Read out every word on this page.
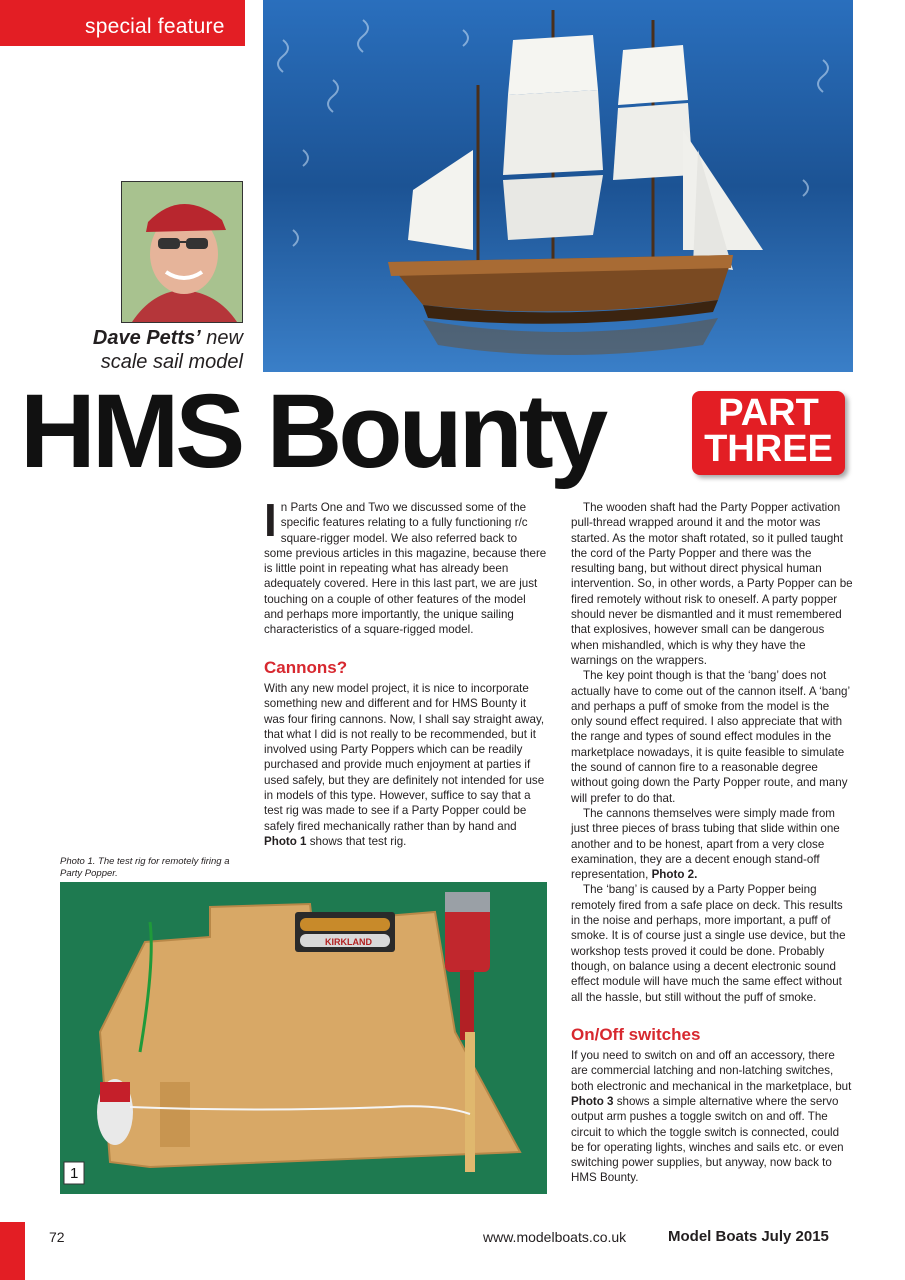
special feature
Dave Petts’ new
scale sail model
HMS Bounty	PART
THREE

In Parts One and Two we discussed some of the specific features relating to a fully functioning r/c square-rigger model. We also referred back to some previous articles in this magazine, because there is little point in repeating what has already been adequately covered. Here in this last part, we are just touching on a couple of other features of the model and perhaps more importantly, the unique sailing characteristics of a square-rigged model.

Cannons?

With any new model project, it is nice to incorporate something new and different and for HMS Bounty it was four firing cannons. Now, I shall say straight away, that what I did is not really to be recommended, but it involved using Party Poppers which can be readily purchased and provide much enjoyment at parties if used safely, but they are definitely not intended for use in models of this type. However, suffice to say that a test rig was made to see if a Party Popper could be safely fired mechanically rather than by hand and Photo 1 shows that test rig.

The wooden shaft had the Party Popper activation pull-thread wrapped around it and the motor was started. As the motor shaft rotated, so it pulled taught the cord of the Party Popper and there was the resulting bang, but without direct physical human intervention. So, in other words, a Party Popper can be fired remotely without risk to oneself. A party popper should never be dismantled and it must remembered that explosives, however small can be dangerous when mishandled, which is why they have the warnings on the wrappers.

The key point though is that the ‘bang’ does not actually have to come out of the cannon itself. A ‘bang’ and perhaps a puff of smoke from the model is the only sound effect required. I also appreciate that with the range and types of sound effect modules in the marketplace nowadays, it is quite feasible to simulate the sound of cannon fire to a reasonable degree without going down the Party Popper route, and many will prefer to do that.

The cannons themselves were simply made from just three pieces of brass tubing that slide within one another and to be honest, apart from a very close examination, they are a decent enough stand-off representation, Photo 2.

The ‘bang’ is caused by a Party Popper being remotely fired from a safe place on deck. This results in the noise and perhaps, more important, a puff of smoke. It is of course just a single use device, but the workshop tests proved it could be done. Probably though, on balance using a decent electronic sound effect module will have much the same effect without all the hassle, but still without the puff of smoke.

On/Off switches

If you need to switch on and off an accessory, there are commercial latching and non-latching switches, both electronic and mechanical in the marketplace, but Photo 3 shows a simple alternative where the servo output arm pushes a toggle switch on and off. The circuit to which the toggle switch is connected, could be for operating lights, winches and sails etc. or even switching power supplies, but anyway, now back to HMS Bounty.

Photo 1. The test rig for remotely firing a Party Popper.
KIRKLAND
1
72	www.modelboats.co.uk	Model Boats July 2015
